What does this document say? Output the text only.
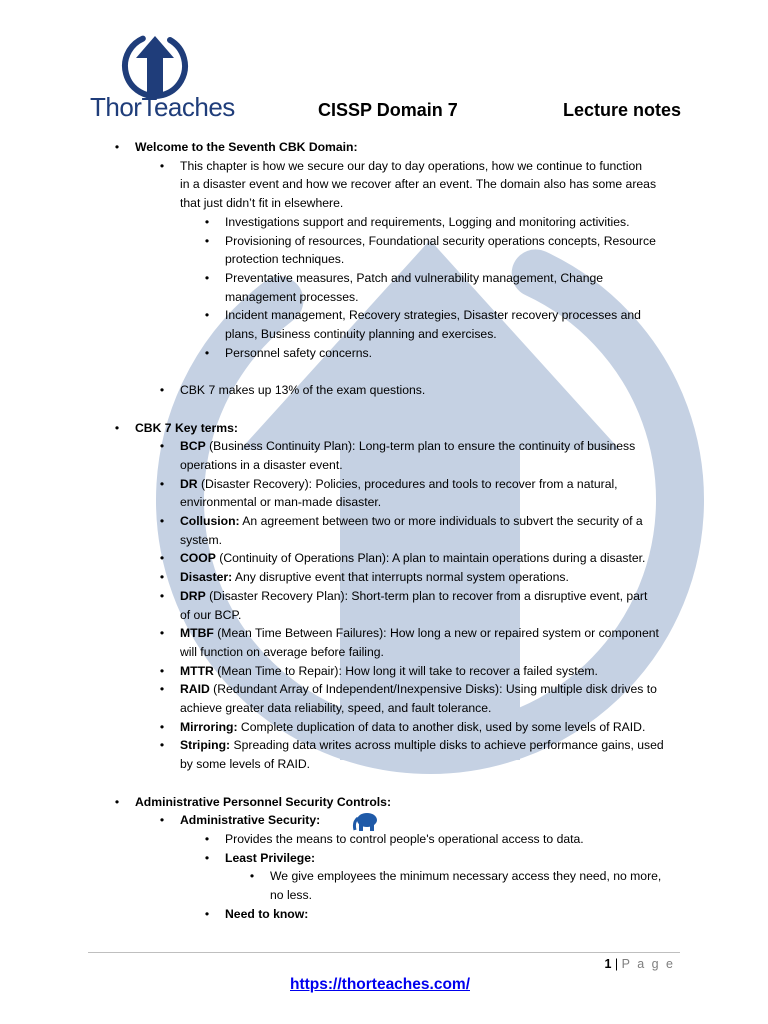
ThorTeaches	CISSP Domain 7	Lecture notes
• Welcome to the Seventh CBK Domain:
• This chapter is how we secure our day to day operations, how we continue to function
in a disaster event and how we recover after an event. The domain also has some areas
that just didn’t fit in elsewhere.
• Investigations support and requirements, Logging and monitoring activities.
• Provisioning of resources, Foundational security operations concepts, Resource
protection techniques.
• Preventative measures, Patch and vulnerability management, Change
management processes.
• Incident management, Recovery strategies, Disaster recovery processes and
plans, Business continuity planning and exercises.
• Personnel safety concerns.
• CBK 7 makes up 13% of the exam questions.
• CBK 7 Key terms:
• BCP (Business Continuity Plan): Long-term plan to ensure the continuity of business
operations in a disaster event.
• DR (Disaster Recovery): Policies, procedures and tools to recover from a natural,
environmental or man-made disaster.
• Collusion: An agreement between two or more individuals to subvert the security of a
system.
• COOP (Continuity of Operations Plan): A plan to maintain operations during a disaster.
• Disaster: Any disruptive event that interrupts normal system operations.
• DRP (Disaster Recovery Plan): Short-term plan to recover from a disruptive event, part
of our BCP.
• MTBF (Mean Time Between Failures): How long a new or repaired system or component
will function on average before failing.
• MTTR (Mean Time to Repair): How long it will take to recover a failed system.
• RAID (Redundant Array of Independent/Inexpensive Disks): Using multiple disk drives to
achieve greater data reliability, speed, and fault tolerance.
• Mirroring: Complete duplication of data to another disk, used by some levels of RAID.
• Striping: Spreading data writes across multiple disks to achieve performance gains, used
by some levels of RAID.
• Administrative Personnel Security Controls:
• Administrative Security:
• Provides the means to control people's operational access to data.
• Least Privilege:
• We give employees the minimum necessary access they need, no more,
no less.
• Need to know:
1 | P a g e
https://thorteaches.com/
